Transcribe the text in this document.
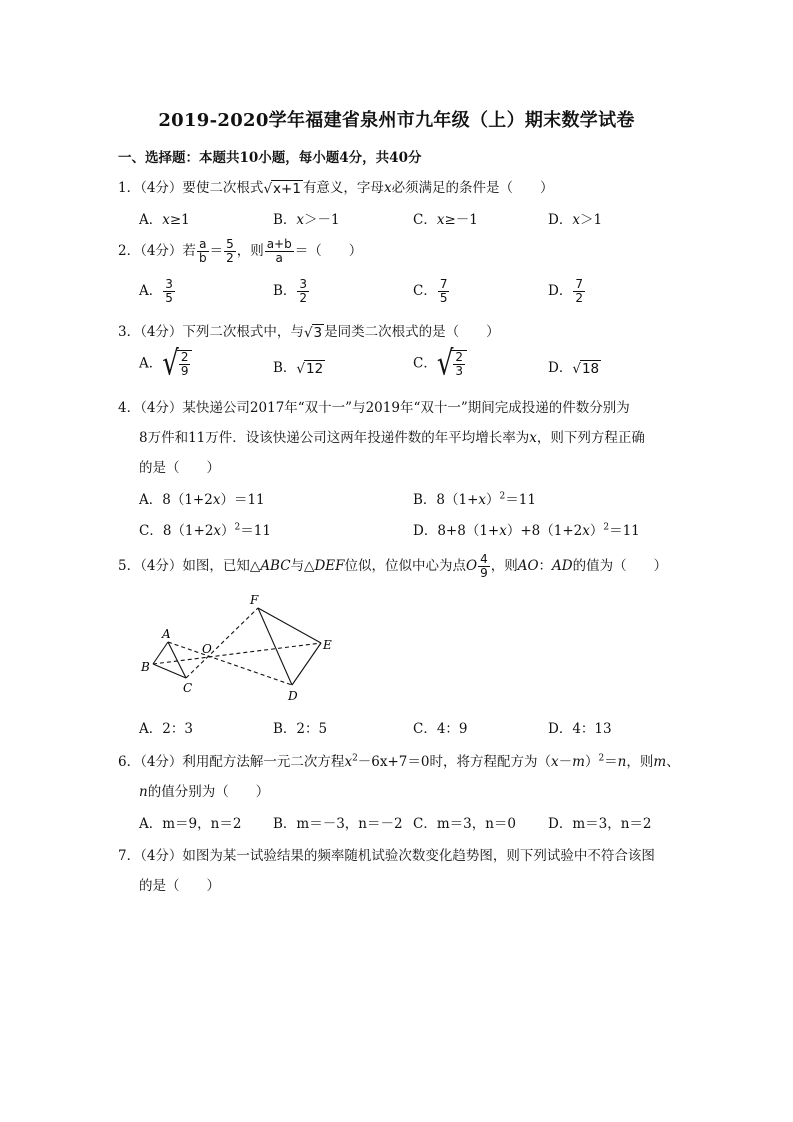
2019-2020学年福建省泉州市九年级（上）期末数学试卷
一、选择题：本题共10小题，每小题4分，共40分
1．（4分）要使二次根式√x+1 有意义，字母x必须满足的条件是（　　）
A．x≥1	B．x＞－1	C．x≥－1	D．x＞1
2．（4分）若 $\frac{a}{b} = \frac{5}{2}$ ，则 $\frac{a+b}{a}$ ＝（　　）
A． $\frac{3}{5}$	B． $\frac{3}{2}$	C． $\frac{7}{5}$	D． $\frac{7}{2}$
3．（4分）下列二次根式中，与√3 是同类二次根式的是（　　）
A． √ $\frac{2}{9}$	B．√12	C． √ $\frac{2}{3}$	D．√18
4．（4分）某快递公司2017年“双十一”与2019年“双十一”期间完成投递的件数分别为
8万件和11万件．设该快递公司这两年投递件数的年平均增长率为x，则下列方程正确
的是（　　）
A．8（1+2x）＝11	B．$8(1+x)^2=11$
C．$8(1+2x)^2=11$	D．$8+8(1+x)+8(1+2x)^2=11$
5．（4分）如图，已知△ABC与△DEF位似，位似中心为点O $\frac{4}{9}$ ，则AO：AD的值为（　　）
A
B
C
O
F
E
D
A．2：3	B．2：5	C．4：9	D．4：13
6．（4分）利用配方法解一元二次方程$x^2-6x+7=0$时，将方程配方为$(x-m)^2=n$，则m、
n的值分别为（　　）
A．m＝9，n＝2 B．m＝－3，n＝－2 C．m＝3，n＝0 D．m＝3，n＝2
7．（4分）如图为某一试验结果的频率随机试验次数变化趋势图，则下列试验中不符合该图
的是（　　）
